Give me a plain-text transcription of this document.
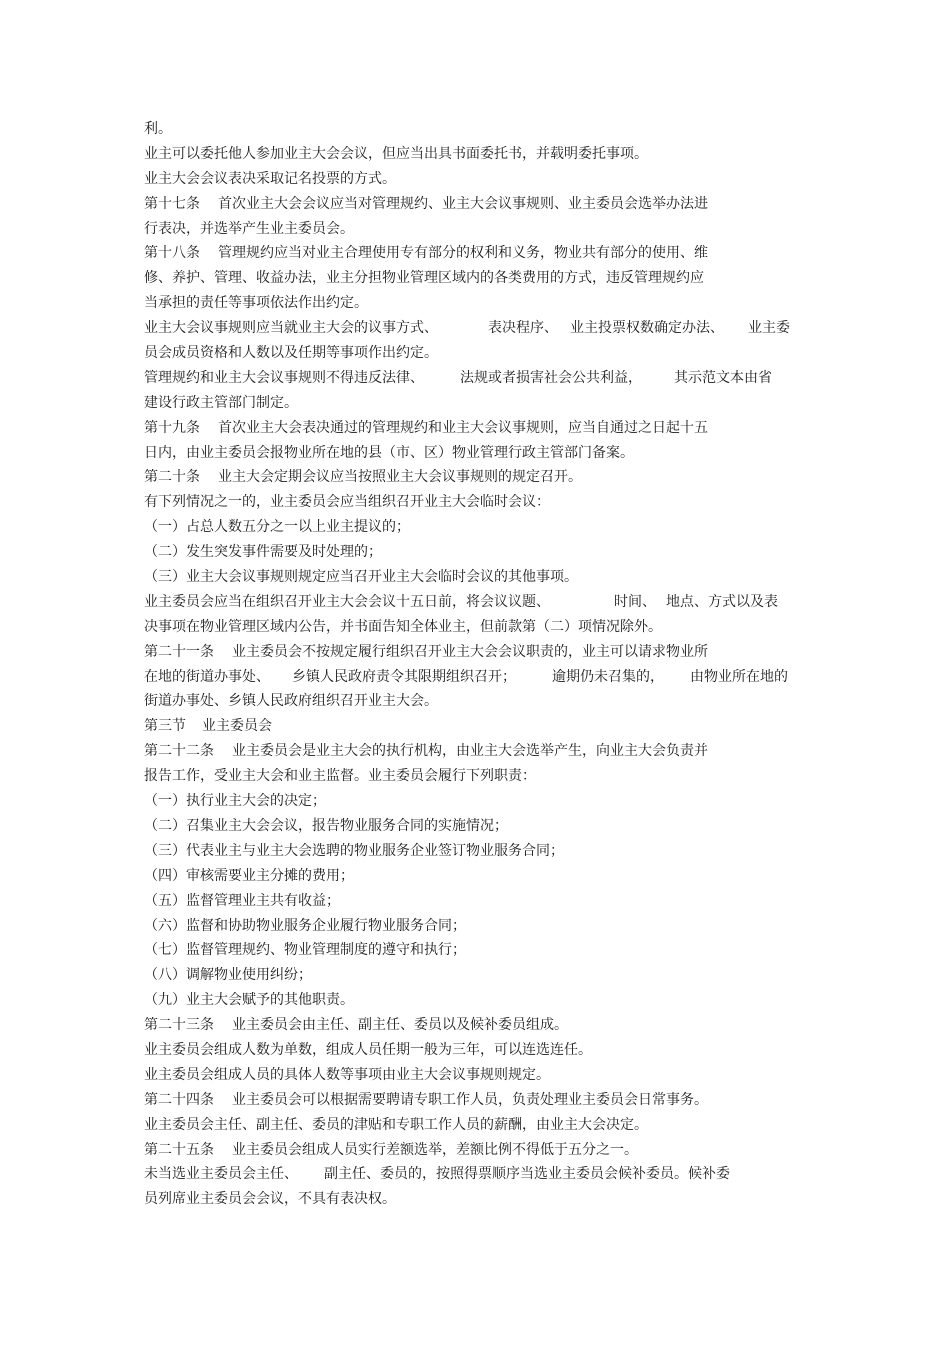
利。
业主可以委托他人参加业主大会会议，但应当出具书面委托书，并载明委托事项。
业主大会会议表决采取记名投票的方式。
第十七条 首次业主大会会议应当对管理规约、业主大会议事规则、业主委员会选举办法进
行表决，并选举产生业主委员会。
第十八条 管理规约应当对业主合理使用专有部分的权利和义务，物业共有部分的使用、维
修、养护、管理、收益办法，业主分担物业管理区域内的各类费用的方式，违反管理规约应
当承担的责任等事项依法作出约定。
业主大会议事规则应当就业主大会的议事方式、	表决程序、 业主投票权数确定办法、 业主委
员会成员资格和人数以及任期等事项作出约定。
管理规约和业主大会议事规则不得违反法律、	法规或者损害社会公共利益， 其示范文本由省
建设行政主管部门制定。
第十九条 首次业主大会表决通过的管理规约和业主大会议事规则，应当自通过之日起十五
日内，由业主委员会报物业所在地的县（市、区）物业管理行政主管部门备案。
第二十条 业主大会定期会议应当按照业主大会议事规则的规定召开。
有下列情况之一的，业主委员会应当组织召开业主大会临时会议：
（一）占总人数五分之一以上业主提议的；
（二）发生突发事件需要及时处理的；
（三）业主大会议事规则规定应当召开业主大会临时会议的其他事项。
业主委员会应当在组织召开业主大会会议十五日前，将会议议题、	时间、 地点、方式以及表
决事项在物业管理区域内公告，并书面告知全体业主，但前款第（二）项情况除外。
第二十一条 业主委员会不按规定履行组织召开业主大会会议职责的，业主可以请求物业所
在地的街道办事处、 乡镇人民政府责令其限期组织召开；	逾期仍未召集的， 由物业所在地的
街道办事处、乡镇人民政府组织召开业主大会。
第三节 业主委员会
第二十二条 业主委员会是业主大会的执行机构，由业主大会选举产生，向业主大会负责并
报告工作，受业主大会和业主监督。业主委员会履行下列职责：
（一）执行业主大会的决定；
（二）召集业主大会会议，报告物业服务合同的实施情况；
（三）代表业主与业主大会选聘的物业服务企业签订物业服务合同；
（四）审核需要业主分摊的费用；
（五）监督管理业主共有收益；
（六）监督和协助物业服务企业履行物业服务合同；
（七）监督管理规约、物业管理制度的遵守和执行；
（八）调解物业使用纠纷；
（九）业主大会赋予的其他职责。
第二十三条 业主委员会由主任、副主任、委员以及候补委员组成。
业主委员会组成人数为单数，组成人员任期一般为三年，可以连选连任。
业主委员会组成人员的具体人数等事项由业主大会议事规则规定。
第二十四条 业主委员会可以根据需要聘请专职工作人员，负责处理业主委员会日常事务。
业主委员会主任、副主任、委员的津贴和专职工作人员的薪酬，由业主大会决定。
第二十五条 业主委员会组成人员实行差额选举，差额比例不得低于五分之一。
未当选业主委员会主任、 副主任、委员的，按照得票顺序当选业主委员会候补委员。候补委
员列席业主委员会会议，不具有表决权。
